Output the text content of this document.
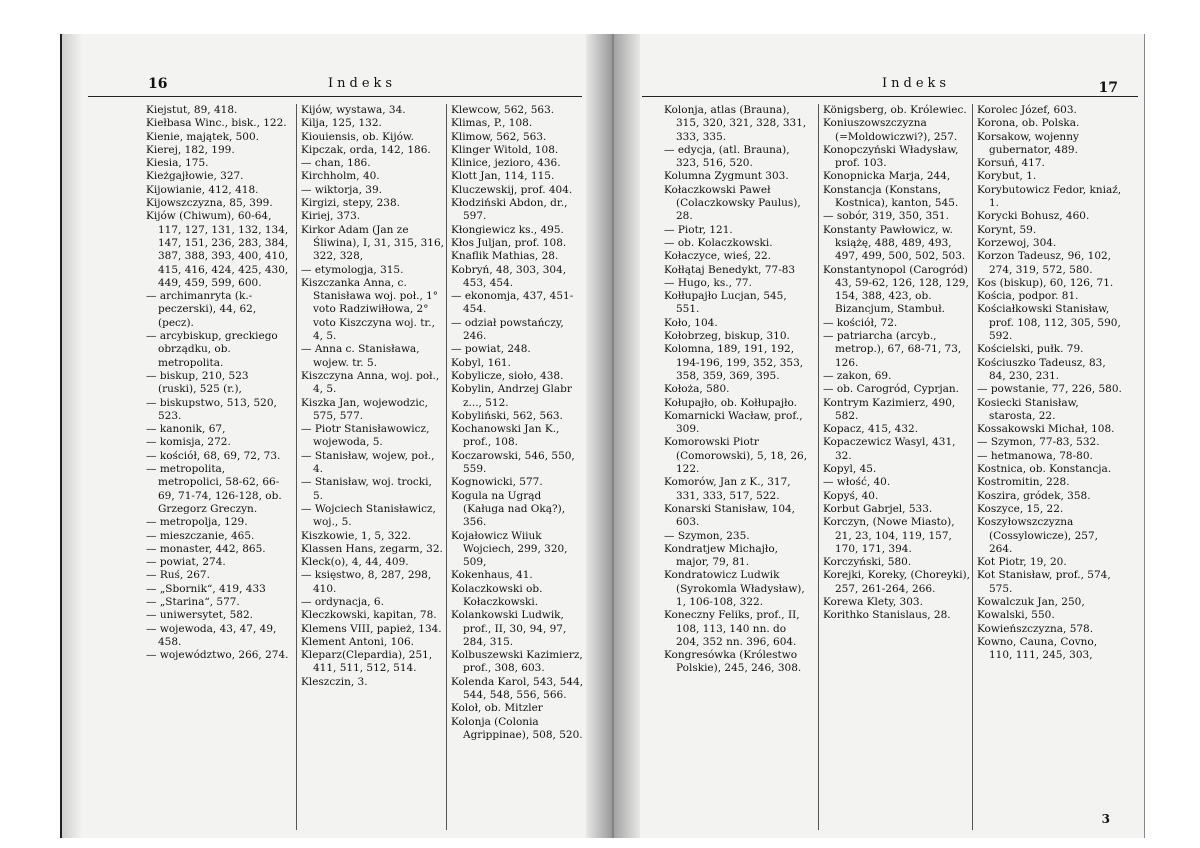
16	Indeks

Kiejstut, 89, 418.

Kiełbasa Winc., bisk., 122.

Kienie, majątek, 500.

Kierej, 182, 199.

Kiesia, 175.

Kieżgajłowie, 327.

Kijowianie, 412, 418.

Kijowszczyzna, 85, 399.

Kijów (Chiwum), 60-64, 117, 127, 131, 132, 134, 147, 151, 236, 283, 384, 387, 388, 393, 400, 410, 415, 416, 424, 425, 430, 449, 459, 599, 600.

— archimanryta (k.-peczerski), 44, 62, (pecz).

— arcybiskup, greckiego obrządku, ob. metropolita.

— biskup, 210, 523 (ruski), 525 (r.),

— biskupstwo, 513, 520, 523.

— kanonik, 67,

— komisja, 272.

— kościół, 68, 69, 72, 73.

— metropolita, metropolici, 58-62, 66-69, 71-74, 126-128, ob. Grzegorz Greczyn.

— metropolja, 129.

— mieszczanie, 465.

— monaster, 442, 865.

— powiat, 274.

— Ruś, 267.

— „Sbornik“, 419, 433

— „Starina“, 577.

— uniwersytet, 582.

— wojewoda, 43, 47, 49, 458.

— województwo, 266, 274.

Kijów, wystawa, 34.

Kilja, 125, 132.

Kiouiensis, ob. Kijów.

Kipczak, orda, 142, 186.

— chan, 186.

Kirchholm, 40.

— wiktorja, 39.

Kirgizi, stepy, 238.

Kiriej, 373.

Kirkor Adam (Jan ze Śliwina), I, 31, 315, 316, 322, 328,

— etymologja, 315.

Kiszczanka Anna, c. Stanisława woj. poł., 1° voto Radziwiłłowa, 2° voto Kiszczyna woj. tr., 4, 5.

— Anna c. Stanisława, wojew. tr. 5.

Kiszczyna Anna, woj. poł., 4, 5.

Kiszka Jan, wojewodzic, 575, 577.

— Piotr Stanisławowicz, wojewoda, 5.

— Stanisław, wojew, poł., 4.

— Stanisław, woj. trocki, 5.

— Wojciech Stanisławicz, woj., 5.

Kiszkowie, 1, 5, 322.

Klassen Hans, zegarm, 32.

Kleck(o), 4, 44, 409.

— księstwo, 8, 287, 298, 410.

— ordynacja, 6.

Kleczkowski, kapitan, 78.

Klemens VIII, papież, 134.

Klement Antoni, 106.

Kleparz(Clepardia), 251, 411, 511, 512, 514.

Kleszczin, 3.

Klewcow, 562, 563.

Klimas, P., 108.

Klimow, 562, 563.

Klinger Witold, 108.

Klinice, jezioro, 436.

Klott Jan, 114, 115.

Kluczewskij, prof. 404.

Kłodziński Abdon, dr., 597.

Kłongiewicz ks., 495.

Kłos Juljan, prof. 108.

Knaflik Mathias, 28.

Kobryń, 48, 303, 304, 453, 454.

— ekonomja, 437, 451-454.

— odział powstańczy, 246.

— powiat, 248.

Kobyl, 161.

Kobylicze, sioło, 438.

Kobylin, Andrzej Glabr z..., 512.

Kobyliński, 562, 563.

Kochanowski Jan K., prof., 108.

Koczarowski, 546, 550, 559.

Kognowicki, 577.

Kogula na Ugrąd (Kaługa nad Oką?), 356.

Kojałowicz Wiiuk Wojciech, 299, 320, 509,

Kokenhaus, 41.

Kolaczkowski ob. Kołaczkowski.

Kolankowski Ludwik, prof., II, 30, 94, 97, 284, 315.

Kolbuszewski Kazimierz, prof., 308, 603.

Kolenda Karol, 543, 544, 544, 548, 556, 566.

Koloł, ob. Mitzler

Kolonja (Colonia Agrippinae), 508, 520.

Indeks	17

Kolonja, atlas (Brauna), 315, 320, 321, 328, 331, 333, 335.

— edycja, (atl. Brauna), 323, 516, 520.

Kolumna Zygmunt 303.

Kołaczkowski Paweł (Colaczkowsky Paulus), 28.

— Piotr, 121.

— ob. Kolaczkowski.

Kołaczyce, wieś, 22.

Kołłątaj Benedykt, 77-83

— Hugo, ks., 77.

Kołłupajło Lucjan, 545, 551.

Koło, 104.

Kołobrzeg, biskup, 310.

Kolomna, 189, 191, 192, 194-196, 199, 352, 353, 358, 359, 369, 395.

Kołoża, 580.

Kołupajło, ob. Kołłupajło.

Komarnicki Wacław, prof., 309.

Komorowski Piotr (Comorowski), 5, 18, 26, 122.

Komorów, Jan z K., 317, 331, 333, 517, 522.

Konarski Stanisław, 104, 603.

— Szymon, 235.

Kondratjew Michajło, major, 79, 81.

Kondratowicz Ludwik (Syrokomla Władysław), 1, 106-108, 322.

Koneczny Feliks, prof., II, 108, 113, 140 nn. do 204, 352 nn. 396, 604.

Kongresówka (Królestwo Polskie), 245, 246, 308.

Königsberg, ob. Królewiec.

Koniuszowszczyzna (=Moldowiczwi?), 257.

Konopczyński Władysław, prof. 103.

Konopnicka Marja, 244,

Konstancja (Konstans, Kostnica), kanton, 545.

— sobór, 319, 350, 351.

Konstanty Pawłowicz, w. książę, 488, 489, 493, 497, 499, 500, 502, 503.

Konstantynopol (Carogród) 43, 59-62, 126, 128, 129, 154, 388, 423, ob. Bizancjum, Stambuł.

— kościół, 72.

— patriarcha (arcyb., metrop.), 67, 68-71, 73, 126.

— zakon, 69.

— ob. Carogród, Cyprjan.

Kontrym Kazimierz, 490, 582.

Kopacz, 415, 432.

Kopaczewicz Wasyl, 431, 32.

Kopyl, 45.

— włość, 40.

Kopyś, 40.

Korbut Gabrjel, 533.

Korczyn, (Nowe Miasto), 21, 23, 104, 119, 157, 170, 171, 394.

Korczyński, 580.

Korejki, Koreky, (Choreyki), 257, 261-264, 266.

Korewa Klety, 303.

Korithko Stanislaus, 28.

Korolec Józef, 603.

Korona, ob. Polska.

Korsakow, wojenny gubernator, 489.

Korsuń, 417.

Korybut, 1.

Korybutowicz Fedor, kniaź, 1.

Korycki Bohusz, 460.

Korynt, 59.

Korzewoj, 304.

Korzon Tadeusz, 96, 102, 274, 319, 572, 580.

Kos (biskup), 60, 126, 71.

Kościa, podpor. 81.

Kościałkowski Stanisław, prof. 108, 112, 305, 590, 592.

Kościelski, pułk. 79.

Kościuszko Tadeusz, 83, 84, 230, 231.

— powstanie, 77, 226, 580.

Kosiecki Stanisław, starosta, 22.

Kossakowski Michał, 108.

— Szymon, 77-83, 532.

— hetmanowa, 78-80.

Kostnica, ob. Konstancja.

Kostromitin, 228.

Koszira, gródek, 358.

Koszyce, 15, 22.

Koszyłowszczyzna (Cossylowicze), 257, 264.

Kot Piotr, 19, 20.

Kot Stanisław, prof., 574, 575.

Kowalczuk Jan, 250,

Kowalski, 550.

Kowieńszczyzna, 578.

Kowno, Cauna, Covno, 110, 111, 245, 303,

3
